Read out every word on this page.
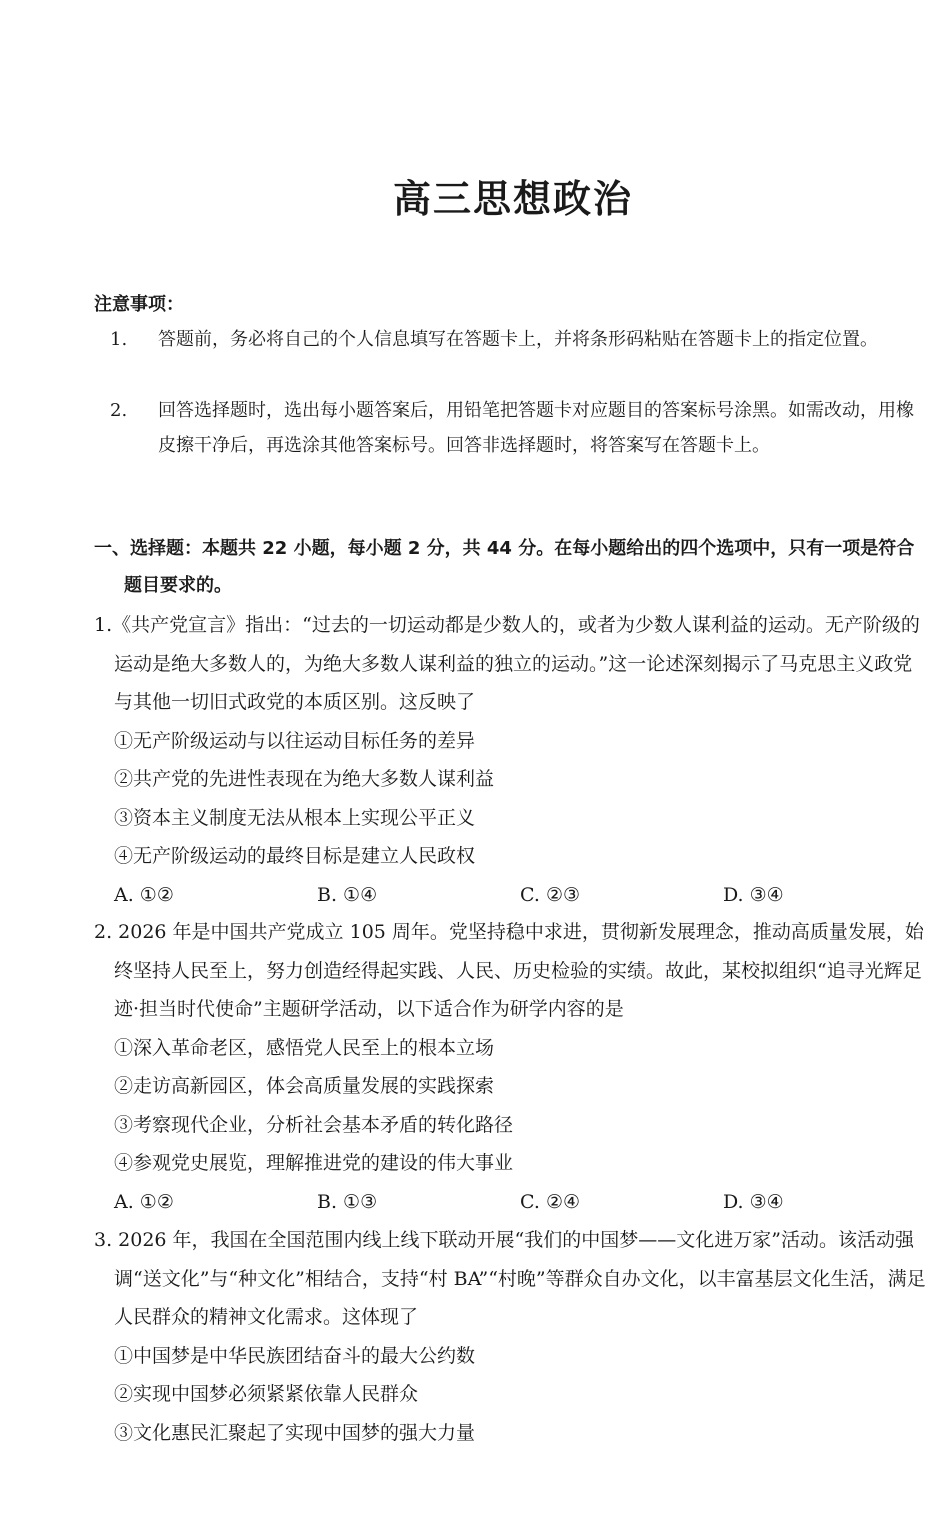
高三思想政治
注意事项：
1. 答题前，务必将自己的个人信息填写在答题卡上，并将条形码粘贴在答题卡上的指定位置。
2. 回答选择题时，选出每小题答案后，用铅笔把答题卡对应题目的答案标号涂黑。如需改动，用橡皮擦干净后，再选涂其他答案标号。回答非选择题时，将答案写在答题卡上。
一、选择题：本题共 22 小题，每小题 2 分，共 44 分。在每小题给出的四个选项中，只有一项是符合题目要求的。
1.《共产党宣言》指出：“过去的一切运动都是少数人的，或者为少数人谋利益的运动。无产阶级的运动是绝大多数人的，为绝大多数人谋利益的独立的运动。”这一论述深刻揭示了马克思主义政党与其他一切旧式政党的本质区别。这反映了
①无产阶级运动与以往运动目标任务的差异
②共产党的先进性表现在为绝大多数人谋利益
③资本主义制度无法从根本上实现公平正义
④无产阶级运动的最终目标是建立人民政权
A. ①②	B. ①④	C. ②③	D. ③④
2. 2026 年是中国共产党成立 105 周年。党坚持稳中求进，贯彻新发展理念，推动高质量发展，始终坚持人民至上，努力创造经得起实践、人民、历史检验的实绩。故此，某校拟组织“追寻光辉足迹·担当时代使命”主题研学活动，以下适合作为研学内容的是
①深入革命老区，感悟党人民至上的根本立场
②走访高新园区，体会高质量发展的实践探索
③考察现代企业，分析社会基本矛盾的转化路径
④参观党史展览，理解推进党的建设的伟大事业
A. ①②	B. ①③	C. ②④	D. ③④
3. 2026 年，我国在全国范围内线上线下联动开展“我们的中国梦——文化进万家”活动。该活动强调“送文化”与“种文化”相结合，支持“村 BA”“村晚”等群众自办文化，以丰富基层文化生活，满足人民群众的精神文化需求。这体现了
①中国梦是中华民族团结奋斗的最大公约数
②实现中国梦必须紧紧依靠人民群众
③文化惠民汇聚起了实现中国梦的强大力量
